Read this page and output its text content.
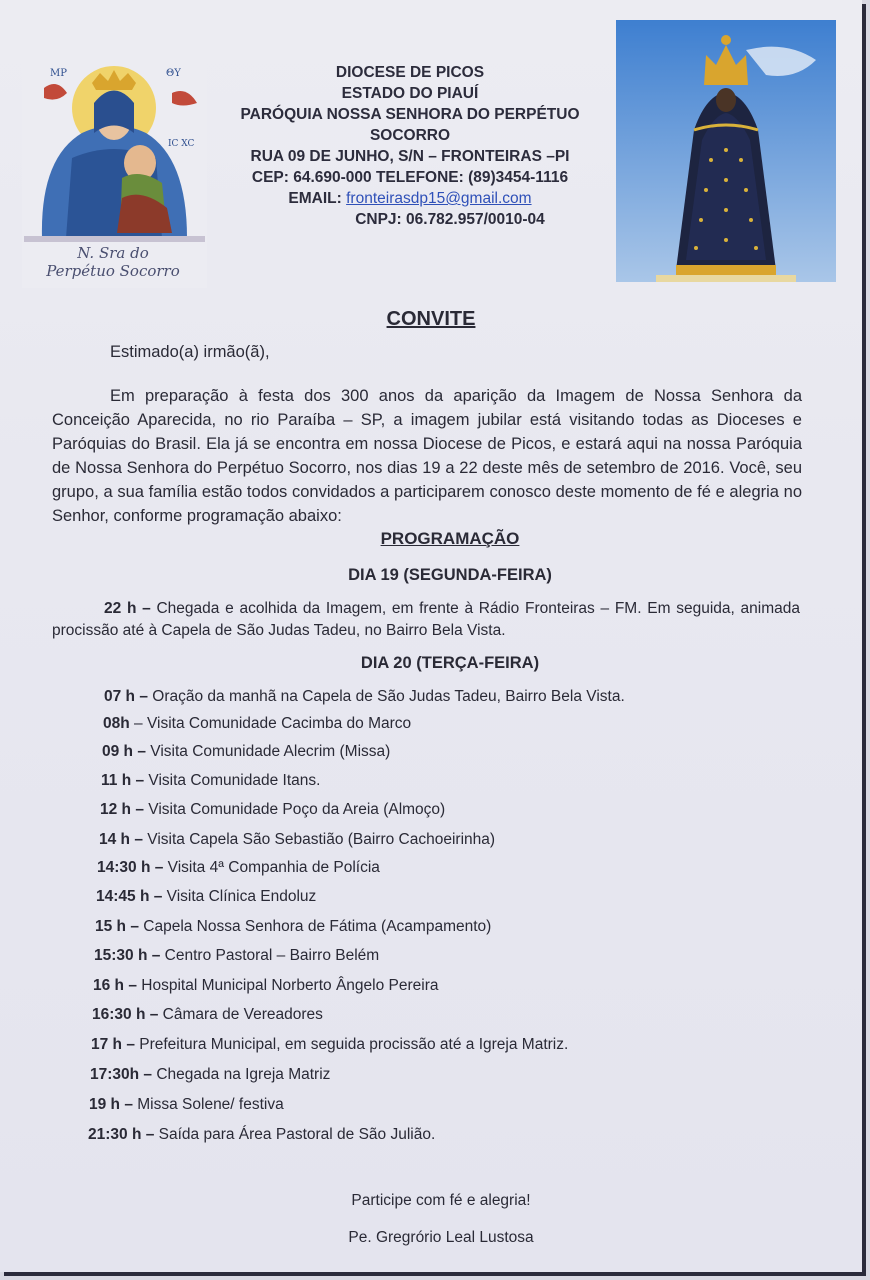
MP	ΘΥ
IC XC
N. Sra do
Perpétuo Socorro
DIOCESE DE PICOS
ESTADO DO PIAUÍ
PARÓQUIA NOSSA SENHORA DO PERPÉTUO
SOCORRO
RUA 09 DE JUNHO, S/N – FRONTEIRAS –PI
CEP: 64.690-000 TELEFONE: (89)3454-1116
EMAIL: fronteirasdp15@gmail.com
CNPJ: 06.782.957/0010-04
CONVITE
Estimado(a) irmão(ã),
Em preparação à festa dos 300 anos da aparição da Imagem de Nossa Senhora da Conceição Aparecida, no rio Paraíba – SP, a imagem jubilar está visitando todas as Dioceses e Paróquias do Brasil. Ela já se encontra em nossa Diocese de Picos, e estará aqui na nossa Paróquia de Nossa Senhora do Perpétuo Socorro, nos dias 19 a 22 deste mês de setembro de 2016. Você, seu grupo, a sua família estão todos convidados a participarem conosco deste momento de fé e alegria no Senhor, conforme programação abaixo:
PROGRAMAÇÃO
DIA 19 (SEGUNDA-FEIRA)
22 h – Chegada e acolhida da Imagem, em frente à Rádio Fronteiras – FM. Em seguida, animada procissão até à Capela de São Judas Tadeu, no Bairro Bela Vista.
DIA 20 (TERÇA-FEIRA)
07 h – Oração da manhã na Capela de São Judas Tadeu, Bairro Bela Vista.
08h – Visita Comunidade Cacimba do Marco
09 h – Visita Comunidade Alecrim (Missa)
11 h – Visita Comunidade Itans.
12 h – Visita Comunidade Poço da Areia (Almoço)
14 h – Visita Capela São Sebastião (Bairro Cachoeirinha)
14:30 h – Visita 4ª Companhia de Polícia
14:45 h – Visita Clínica Endoluz
15 h – Capela Nossa Senhora de Fátima (Acampamento)
15:30 h – Centro Pastoral – Bairro Belém
16 h – Hospital Municipal Norberto Ângelo Pereira
16:30 h – Câmara de Vereadores
17 h – Prefeitura Municipal, em seguida procissão até a Igreja Matriz.
17:30h – Chegada na Igreja Matriz
19 h – Missa Solene/ festiva
21:30 h – Saída para Área Pastoral de São Julião.
Participe com fé e alegria!
Pe. Gregrório Leal Lustosa
